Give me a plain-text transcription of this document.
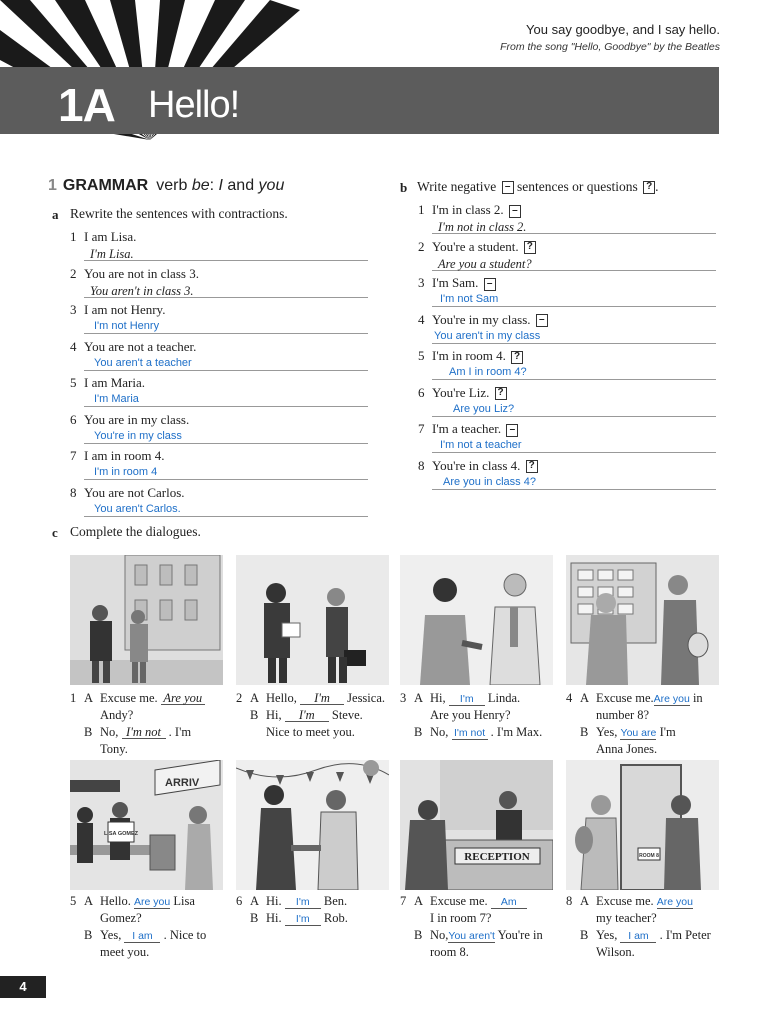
1A Hello!
You say goodbye, and I say hello.
From the song "Hello, Goodbye" by the Beatles
1 GRAMMAR verb be: I and you
a Rewrite the sentences with contractions.
1 I am Lisa.
I'm Lisa.
2 You are not in class 3.
You aren't in class 3.
3 I am not Henry.
I'm not Henry
4 You are not a teacher.
You aren't a teacher
5 I am Maria.
I'm Maria
6 You are in my class.
You're in my class
7 I am in room 4.
I'm in room 4
8 You are not Carlos.
You aren't Carlos.
b Write negative – sentences or questions ? .
1 I'm in class 2. –
I'm not in class 2.
2 You're a student. ?
Are you a student?
3 I'm Sam. –
I'm not Sam
4 You're in my class. –
You aren't in my class
5 I'm in room 4. ?
Am I in room 4?
6 You're Liz. ?
Are you Liz?
7 I'm a teacher. –
I'm not a teacher
8 You're in class 4. ?
Are you in class 4?
c Complete the dialogues.
ARRIV
LISA GOMEZ
RECEPTION	ROOM 8
1 A Excuse me. Are you
Andy?
B No, I'm not . I'm
Tony.
2 A Hello, I'm Jessica.
B Hi, I'm Steve.
Nice to meet you.
3 A Hi, I'm Linda.
Are you Henry?
B No, I'm not . I'm Max.
4 A Excuse me.Are you in
number 8?
B Yes, You are I'm
Anna Jones.
5 A Hello. Are you Lisa
Gomez?
B Yes, I am . Nice to
meet you.
6 A Hi. I'm Ben.
B Hi. I'm Rob.
7 A Excuse me. Am
I in room 7?
B No,You aren't You're in
room 8.
8 A Excuse me. Are you
my teacher?
B Yes, I am . I'm Peter
Wilson.
4
